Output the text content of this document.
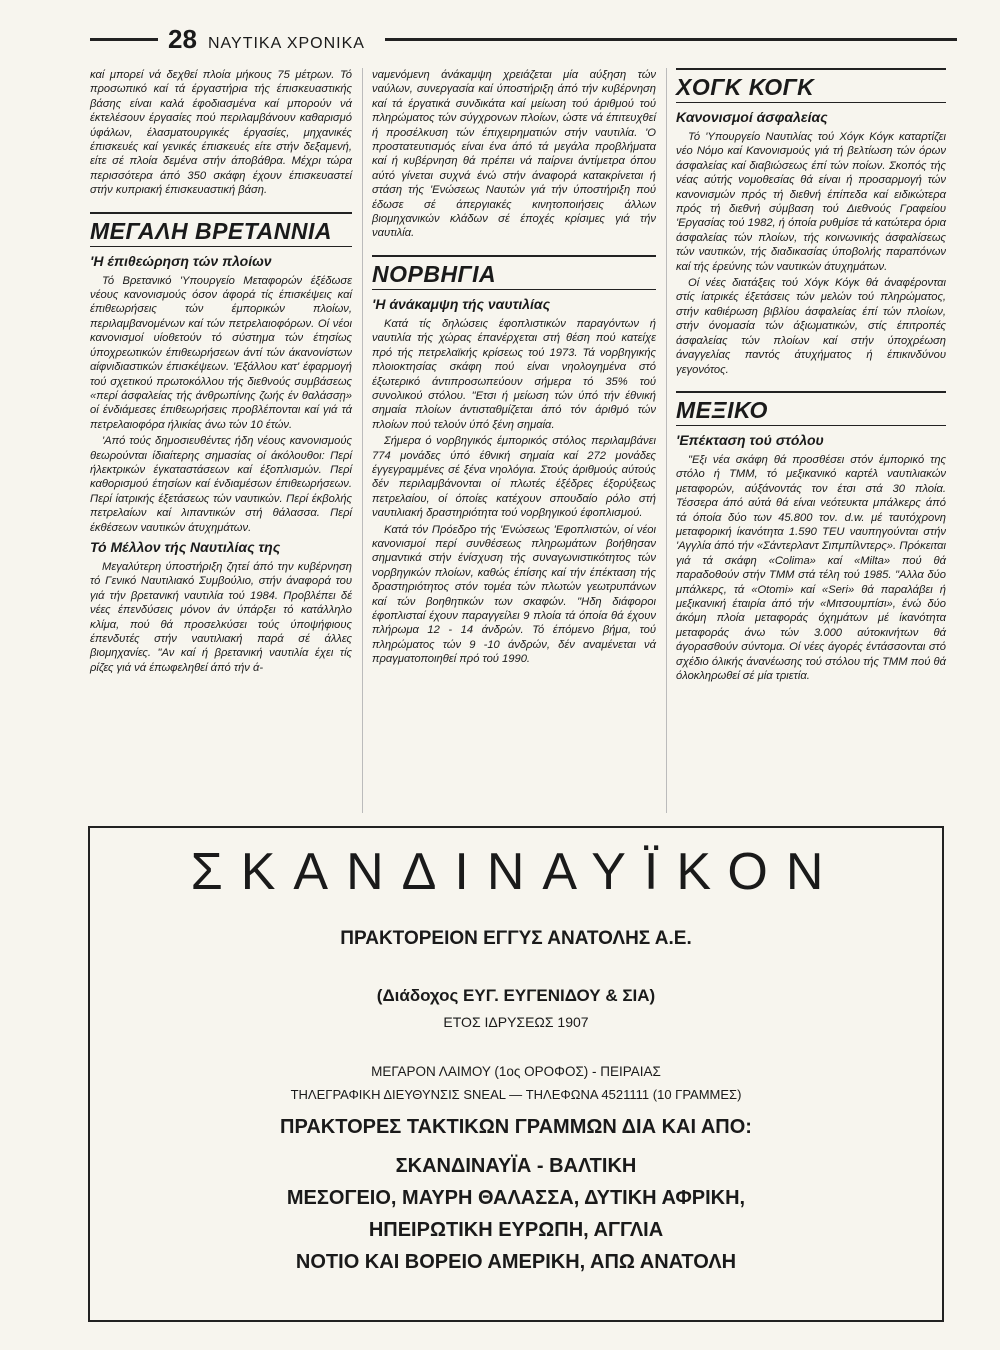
28 ΝΑΥΤΙΚΑ ΧΡΟΝΙΚΑ

καί μπορεί νά δεχθεί πλοία μήκους 75 μέτρων. Τό προσωπικό καί τά έργαστήρια τής έπισκευαστικής βάσης είναι καλά έφοδιασμένα καί μπορούν νά έκτελέσουν έργασίες πού περιλαμβάνουν καθαρισμό ύφάλων, έλασματουργικές έργασίες, μηχανικές έπισκευές καί γενικές έπισκευές είτε στήν δεξαμενή, είτε σέ πλοία δεμένα στήν άποβάθρα. Μέχρι τώρα περισσότερα άπό 350 σκάφη έχουν έπισκευαστεί στήν κυπριακή έπισκευαστική βάση.

ΜΕΓΑΛΗ ΒΡΕΤΑΝΝΙΑ
'Η έπιθεώρηση τών πλοίων

Τό Βρετανικό 'Υπουργείο Μεταφορών έξέδωσε νέους κανονισμούς όσον άφορά τίς έπισκέψεις καί έπιθεωρήσεις τών έμπορικών πλοίων, περιλαμβανομένων καί τών πετρελαιοφόρων. Οί νέοι κανονισμοί υίοθετούν τό σύστημα τών έτησίως ύποχρεωτικών έπιθεωρήσεων άντί τών άκανονίστων αίφνιδιαστικών έπισκέψεων. 'Εξάλλου κατ' έφαρμογή τού σχετικού πρωτοκόλλου τής διεθνούς συμβάσεως «περί άσφαλείας τής άνθρωπίνης ζωής έν θαλάσσῃ» οί ένδιάμεσες έπιθεωρήσεις προβλέπονται καί γιά τά πετρελαιοφόρα ήλικίας άνω τών 10 έτών.

'Από τούς δημοσιευθέντες ήδη νέους κανονισμούς θεωρούνται ίδιαίτερης σημασίας οί άκόλουθοι: Περί ήλεκτρικών έγκαταστάσεων καί έξοπλισμών. Περί καθορισμού έτησίων καί ένδιαμέσων έπιθεωρήσεων. Περί ίατρικής έξετάσεως τών ναυτικών. Περί έκβολής πετρελαίων καί λιπαντικών στή θάλασσα. Περί έκθέσεων ναυτικών άτυχημάτων.

Τό Μέλλον τής Ναυτιλίας της

Μεγαλύτερη ύποστήριξη ζητεί άπό την κυβέρνηση τό Γενικό Ναυτιλιακό Συμβούλιο, στήν άναφορά του γιά τήν βρετανική ναυτιλία τού 1984. Προβλέπει δέ νέες έπενδύσεις μόνον άν ύπάρξει τό κατάλληλο κλίμα, πού θά προσελκύσει τούς ύποψήφιους έπενδυτές στήν ναυτιλιακή παρά σέ άλλες βιομηχανίες. "Αν καί ή βρετανική ναυτιλία έχει τίς ρίζες γιά νά έπωφεληθεί άπό τήν ά-

ναμενόμενη άνάκαμψη χρειάζεται μία αύξηση τών ναύλων, συνεργασία καί ύποστήριξη άπό τήν κυβέρνηση καί τά έργατικά συνδικάτα καί μείωση τού άριθμού τού πληρώματος τών σύγχρονων πλοίων, ώστε νά έπιτευχθεί ή προσέλκυση τών έπιχειρηματιών στήν ναυτιλία. 'Ο προστατευτισμός είναι ένα άπό τά μεγάλα προβλήματα καί ή κυβέρνηση θά πρέπει νά παίρνει άντίμετρα όπου αύτό γίνεται συχνά ένώ στήν άναφορά κατακρίνεται ή στάση τής 'Ενώσεως Ναυτών γιά τήν ύποστήριξη πού έδωσε σέ άπεργιακές κινητοποιήσεις άλλων βιομηχανικών κλάδων σέ έποχές κρίσιμες γιά τήν ναυτιλία.

ΝΟΡΒΗΓΙΑ
'Η άνάκαμψη τής ναυτιλίας

Κατά τίς δηλώσεις έφοπλιστικών παραγόντων ή ναυτιλία τής χώρας έπανέρχεται στή θέση πού κατείχε πρό τής πετρελαϊκής κρίσεως τού 1973. Τά νορβηγικής πλοιοκτησίας σκάφη πού είναι νηολογημένα στό έξωτερικό άντιπροσωπεύουν σήμερα τό 35% τού συνολικού στόλου. "Ετσι ή μείωση τών ύπό τήν έθνική σημαία πλοίων άντισταθμίζεται άπό τόν άριθμό τών πλοίων πού τελούν ύπό ξένη σημαία.

Σήμερα ό νορβηγικός έμπορικός στόλος περιλαμβάνει 774 μονάδες ύπό έθνική σημαία καί 272 μονάδες έγγεγραμμένες σέ ξένα νηολόγια. Στούς άριθμούς αύτούς δέν περιλαμβάνονται οί πλωτές έξέδρες έξορύξεως πετρελαίου, οί όποίες κατέχουν σπουδαίο ρόλο στή ναυτιλιακή δραστηριότητα τού νορβηγικού έφοπλισμού.

Κατά τόν Πρόεδρο τής 'Ενώσεως 'Εφοπλιστών, οί νέοι κανονισμοί περί συνθέσεως πληρωμάτων βοήθησαν σημαντικά στήν ένίσχυση τής συναγωνιστικότητος τών νορβηγικών πλοίων, καθώς έπίσης καί τήν έπέκταση τής δραστηριότητος στόν τομέα τών πλωτών γεωτρυπάνων καί τών βοηθητικών των σκαφών. "Ηδη διάφοροι έφοπλισταί έχουν παραγγείλει 9 πλοία τά όποία θά έχουν πλήρωμα 12 - 14 άνδρών. Τό έπόμενο βήμα, τού πληρώματος τών 9 -10 άνδρών, δέν αναμένεται νά πραγματοποιηθεί πρό τού 1990.

ΧΟΓΚ ΚΟΓΚ
Κανονισμοί άσφαλείας

Τό 'Υπουργείο Ναυτιλίας τού Χόγκ Κόγκ καταρτίζει νέο Νόμο καί Κανονισμούς γιά τή βελτίωση τών όρων άσφαλείας καί διαβιώσεως έπί τών ποίων. Σκοπός τής νέας αύτής νομοθεσίας θά είναι ή προσαρμογή τών κανονισμών πρός τή διεθνή έπίπεδα καί ειδικώτερα πρός τή διεθνή σύμβαση τού Διεθνούς Γραφείου 'Εργασίας τού 1982, ή όποία ρυθμίσε τά κατώτερα όρια άσφαλείας τών πλοίων, τής κοινωνικής άσφαλίσεως τών ναυτικών, τής διαδικασίας ύποβολής παραπόνων καί τής έρεύνης τών ναυτικών άτυχημάτων.

Οί νέες διατάξεις τού Χόγκ Κόγκ θά άναφέρονται στίς ίατρικές έξετάσεις τών μελών τού πληρώματος, στήν καθιέρωση βιβλίου άσφαλείας έπί τών πλοίων, στήν όνομασία τών άξιωματικών, στίς έπιτροπές άσφαλείας τών πλοίων καί στήν ύποχρέωση άναγγελίας παντός άτυχήματος ή έπικινδύνου γεγονότος.

ΜΕΞΙΚΟ
'Επέκταση τού στόλου

"Εξι νέα σκάφη θά προσθέσει στόν έμπορικό της στόλο ή ΤΜΜ, τό μεξικανικό καρτέλ ναυτιλιακών μεταφορών, αύξάνοντάς τον έτσι στά 30 πλοία. Τέσσερα άπό αύτά θά είναι νεότευκτα μπάλκερς άπό τά όποία δύο των 45.800 τον. d.w. μέ ταυτόχρονη μεταφορική ίκανότητα 1.590 TEU ναυπηγούνται στήν 'Αγγλία άπό τήν «Σάντερλαντ Σιπμπίλντερς». Πρόκειται γιά τά σκάφη «Colima» καί «Milta» πού θά παραδοθούν στήν ΤΜΜ στά τέλη τού 1985. "Αλλα δύο μπάλκερς, τά «Otomi» καί «Seri» θά παραλάβει ή μεξικανική έταιρία άπό τήν «Μιτσουμπίσι», ένώ δύο άκόμη πλοία μεταφοράς όχημάτων μέ ίκανότητα μεταφοράς άνω τών 3.000 αύτοκινήτων θά άγορασθούν σύντομα. Οί νέες άγορές έντάσσονται στό σχέδιο όλικής άνανέωσης τού στόλου τής ΤΜΜ πού θά όλοκληρωθεί σέ μία τριετία.

ΣΚΑΝΔΙΝΑΥΪΚΟΝ
ΠΡΑΚΤΟΡΕΙΟΝ ΕΓΓΥΣ ΑΝΑΤΟΛΗΣ Α.Ε.
(Διάδοχος ΕΥΓ. ΕΥΓΕΝΙΔΟΥ & ΣΙΑ)
ΕΤΟΣ ΙΔΡΥΣΕΩΣ 1907
ΜΕΓΑΡΟΝ ΛΑΙΜΟΥ (1ος ΟΡΟΦΟΣ) - ΠΕΙΡΑΙΑΣ
ΤΗΛΕΓΡΑΦΙΚΗ ΔΙΕΥΘΥΝΣΙΣ SNEAL — ΤΗΛΕΦΩΝΑ 4521111 (10 ΓΡΑΜΜΕΣ)
ΠΡΑΚΤΟΡΕΣ ΤΑΚΤΙΚΩΝ ΓΡΑΜΜΩΝ ΔΙΑ ΚΑΙ ΑΠΟ:
ΣΚΑΝΔΙΝΑΥΪΑ - ΒΑΛΤΙΚΗ
ΜΕΣΟΓΕΙΟ, ΜΑΥΡΗ ΘΑΛΑΣΣΑ, ΔΥΤΙΚΗ ΑΦΡΙΚΗ,
ΗΠΕΙΡΩΤΙΚΗ ΕΥΡΩΠΗ, ΑΓΓΛΙΑ
ΝΟΤΙΟ ΚΑΙ ΒΟΡΕΙΟ ΑΜΕΡΙΚΗ, ΑΠΩ ΑΝΑΤΟΛΗ
